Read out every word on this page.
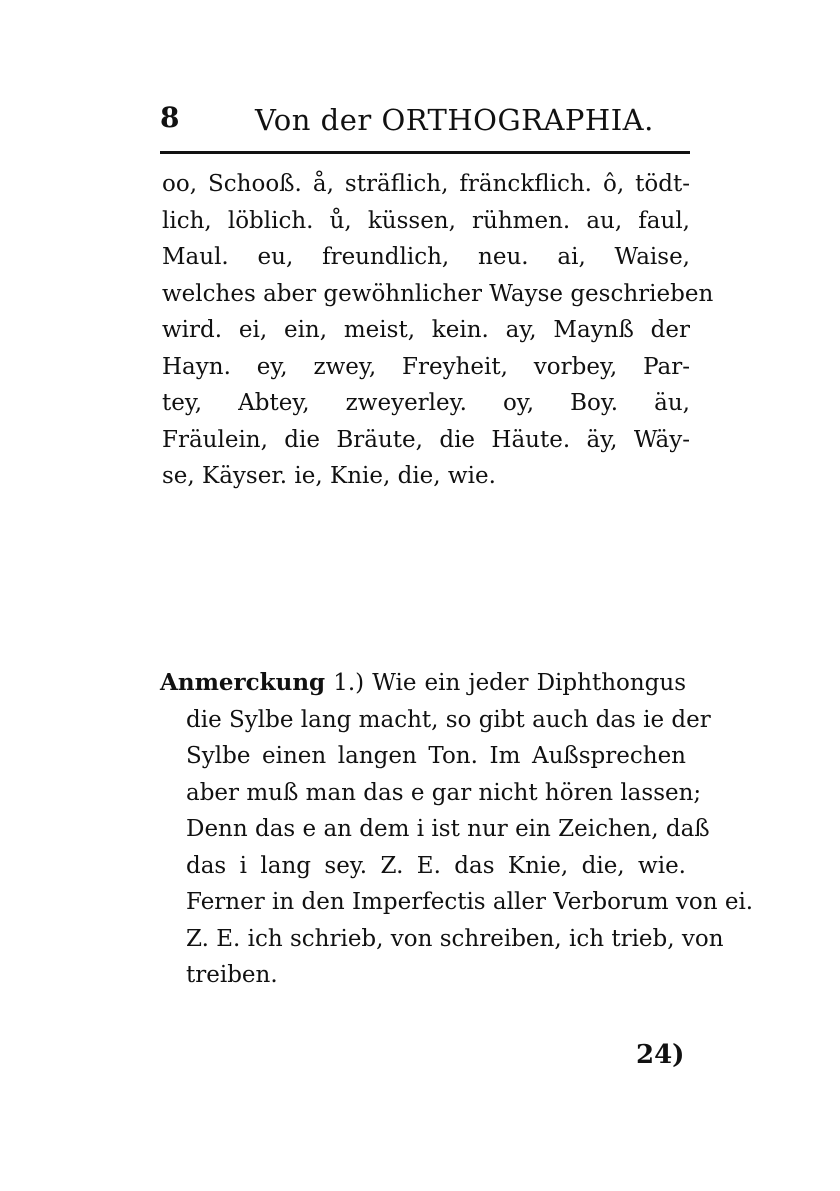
8	Von der ORTHOGRAPHIA.
oo, Schooß. å, sträflich, fränckflich. ô, tödt-
lich, löblich. ů, küssen, rühmen. au, faul,
Maul. eu, freundlich, neu. ai, Waise,
welches aber gewöhnlicher Wayse geschrieben
wird. ei, ein, meist, kein. ay, Maynß der
Hayn. ey, zwey, Freyheit, vorbey, Par-
tey, Abtey, zweyerley. oy, Boy. äu,
Fräulein, die Bräute, die Häute. äy, Wäy-
se, Käyser. ie, Knie, die, wie.
Anmerckung 1.) Wie ein jeder Diphthongus
die Sylbe lang macht, so gibt auch das ie der
Sylbe einen langen Ton. Im Außsprechen
aber muß man das e gar nicht hören lassen;
Denn das e an dem i ist nur ein Zeichen, daß
das i lang sey. Z. E. das Knie, die, wie.
Ferner in den Imperfectis aller Verborum von ei.
Z. E. ich schrieb, von schreiben, ich trieb, von
treiben.
24)
